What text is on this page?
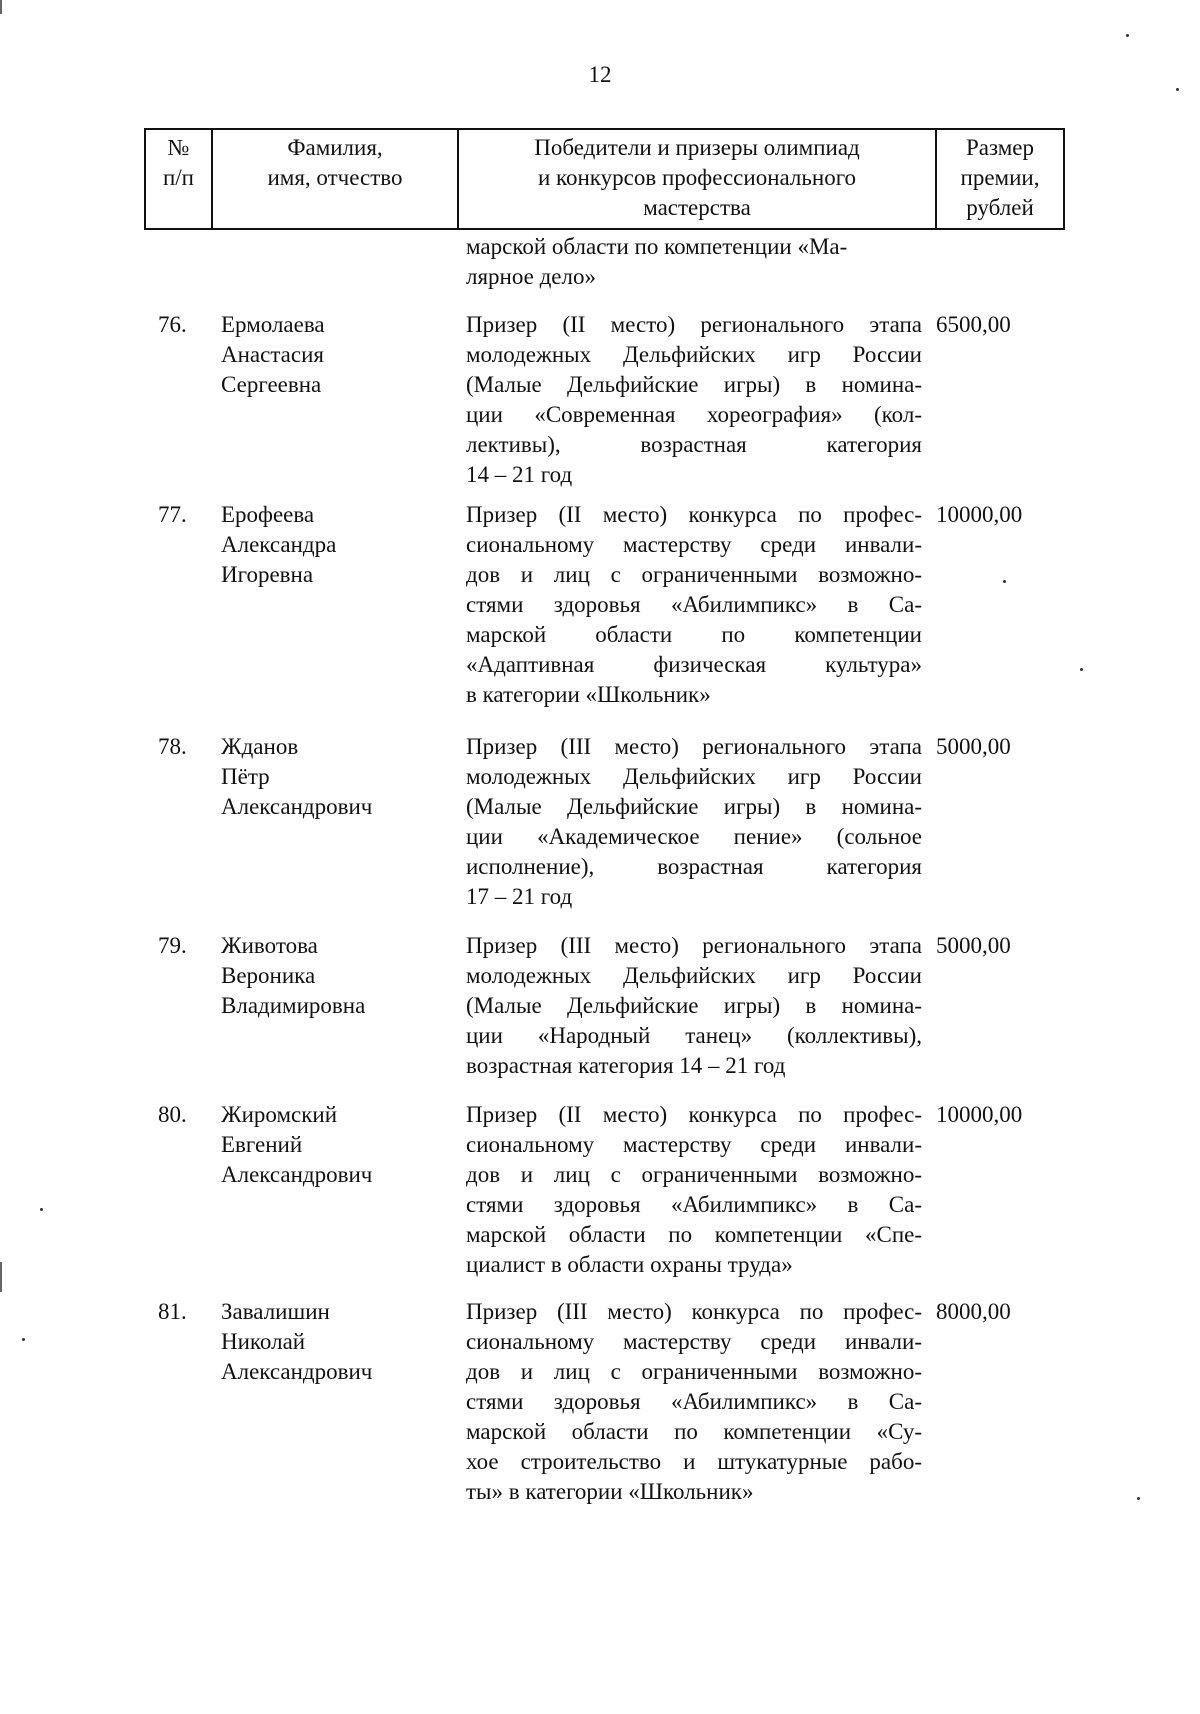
12
№
п/п
Фамилия,
имя, отчество
Победители и призеры олимпиад
и конкурсов профессионального
мастерства
Размер
премии,
рублей
марской области по компетенции «Ма-
лярное дело»
76. Ермолаева
Анастасия
Сергеевна
Призер (II место) регионального этапа
молодежных Дельфийских игр России
(Малые Дельфийские игры) в номина-
ции «Современная хореография» (кол-
лективы), возрастная категория
14 – 21 год
6500,00
77. Ерофеева
Александра
Игоревна
Призер (II место) конкурса по профес-
сиональному мастерству среди инвали-
дов и лиц с ограниченными возможно-
стями здоровья «Абилимпикс» в Са-
марской области по компетенции
«Адаптивная физическая культура»
в категории «Школьник»
10000,00
78. Жданов
Пётр
Александрович
Призер (III место) регионального этапа
молодежных Дельфийских игр России
(Малые Дельфийские игры) в номина-
ции «Академическое пение» (сольное
исполнение), возрастная категория
17 – 21 год
5000,00
79. Животова
Вероника
Владимировна
Призер (III место) регионального этапа
молодежных Дельфийских игр России
(Малые Дельфийские игры) в номина-
ции «Народный танец» (коллективы),
возрастная категория 14 – 21 год
5000,00
80. Жиромский
Евгений
Александрович
Призер (II место) конкурса по профес-
сиональному мастерству среди инвали-
дов и лиц с ограниченными возможно-
стями здоровья «Абилимпикс» в Са-
марской области по компетенции «Спе-
циалист в области охраны труда»
10000,00
81. Завалишин
Николай
Александрович
Призер (III место) конкурса по профес-
сиональному мастерству среди инвали-
дов и лиц с ограниченными возможно-
стями здоровья «Абилимпикс» в Са-
марской области по компетенции «Су-
хое строительство и штукатурные рабо-
ты» в категории «Школьник»
8000,00
